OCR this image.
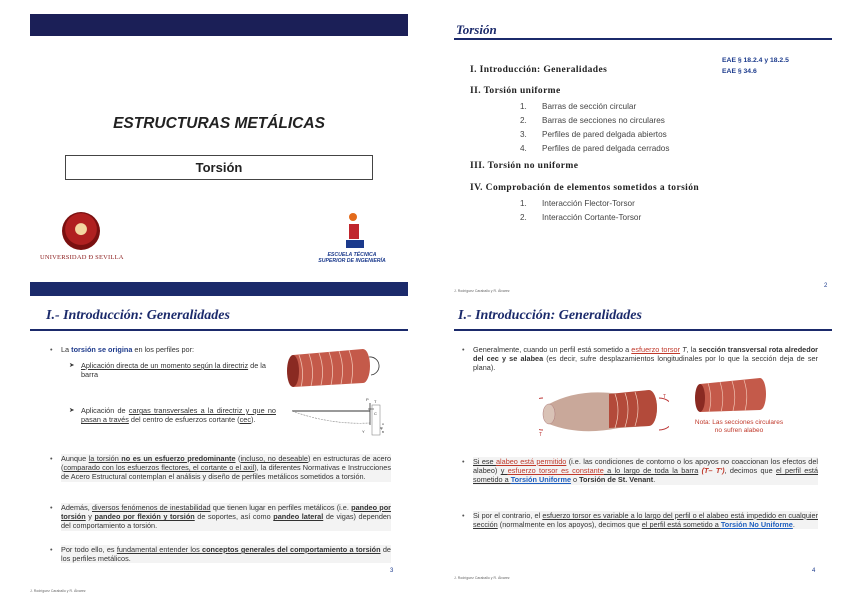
ESTRUCTURAS METÁLICAS
Torsión
UNIVERSIDAD Ð SEVILLA	ESCUELA TÉCNICA
SUPERIOR DE INGENIERÍA
Torsión
EAE § 18.2.4 y 18.2.5
EAE § 34.6
I. Introducción: Generalidades
II. Torsión uniforme
1. Barras de sección circular
2. Barras de secciones no circulares
3. Perfiles de pared delgada abiertos
4. Perfiles de pared delgada cerrados
III. Torsión no uniforme
IV. Comprobación de elementos sometidos a torsión
1. Interacción Flector-Torsor
2. Interacción Cortante-Torsor
J. Rodríguez Caraballo y R. Álvarez
2
I.- Introducción: Generalidades
• La torsión se origina en los perfiles por:
➤ Aplicación directa de un momento según la directriz de la barra
➤ Aplicación de cargas transversales a la directriz y que no pasan a través del centro de esfuerzos cortante (cec).
P T
C
Y
φ
A
B
• Aunque la torsión no es un esfuerzo predominante (incluso, no deseable) en estructuras de acero (comparado con los esfuerzos flectores, el cortante o el axil), la diferentes Normativas e Instrucciones de Acero Estructural contemplan el análisis y diseño de perfiles metálicos sometidos a torsión.
• Además, diversos fenómenos de inestabilidad que tienen lugar en perfiles metálicos (i.e. pandeo por torsión y pandeo por flexión y torsión de soportes, así como pandeo lateral de vigas) dependen del comportamiento a torsión.
• Por todo ello, es fundamental entender los conceptos generales del comportamiento a torsión de los perfiles metálicos.
J. Rodríguez Caraballo y R. Álvarez
3
I.- Introducción: Generalidades
• Generalmente, cuando un perfil está sometido a esfuerzo torsor T, la sección transversal rota alrededor del cec y se alabea (es decir, sufre desplazamientos longitudinales por lo que la sección deja de ser plana).
T
T
Nota: Las secciones circulares no sufren alabeo
• Si ese alabeo está permitido (i.e. las condiciones de contorno o los apoyos no coaccionan los efectos del alabeo) y esfuerzo torsor es constante a lo largo de toda la barra (T– T'), decimos que el perfil está sometido a Torsión Uniforme o Torsión de St. Venant.
• Si por el contrario, el esfuerzo torsor es variable a lo largo del perfil o el alabeo está impedido en cualquier sección (normalmente en los apoyos), decimos que el perfil está sometido a Torsión No Uniforme.
J. Rodríguez Caraballo y R. Álvarez
4
